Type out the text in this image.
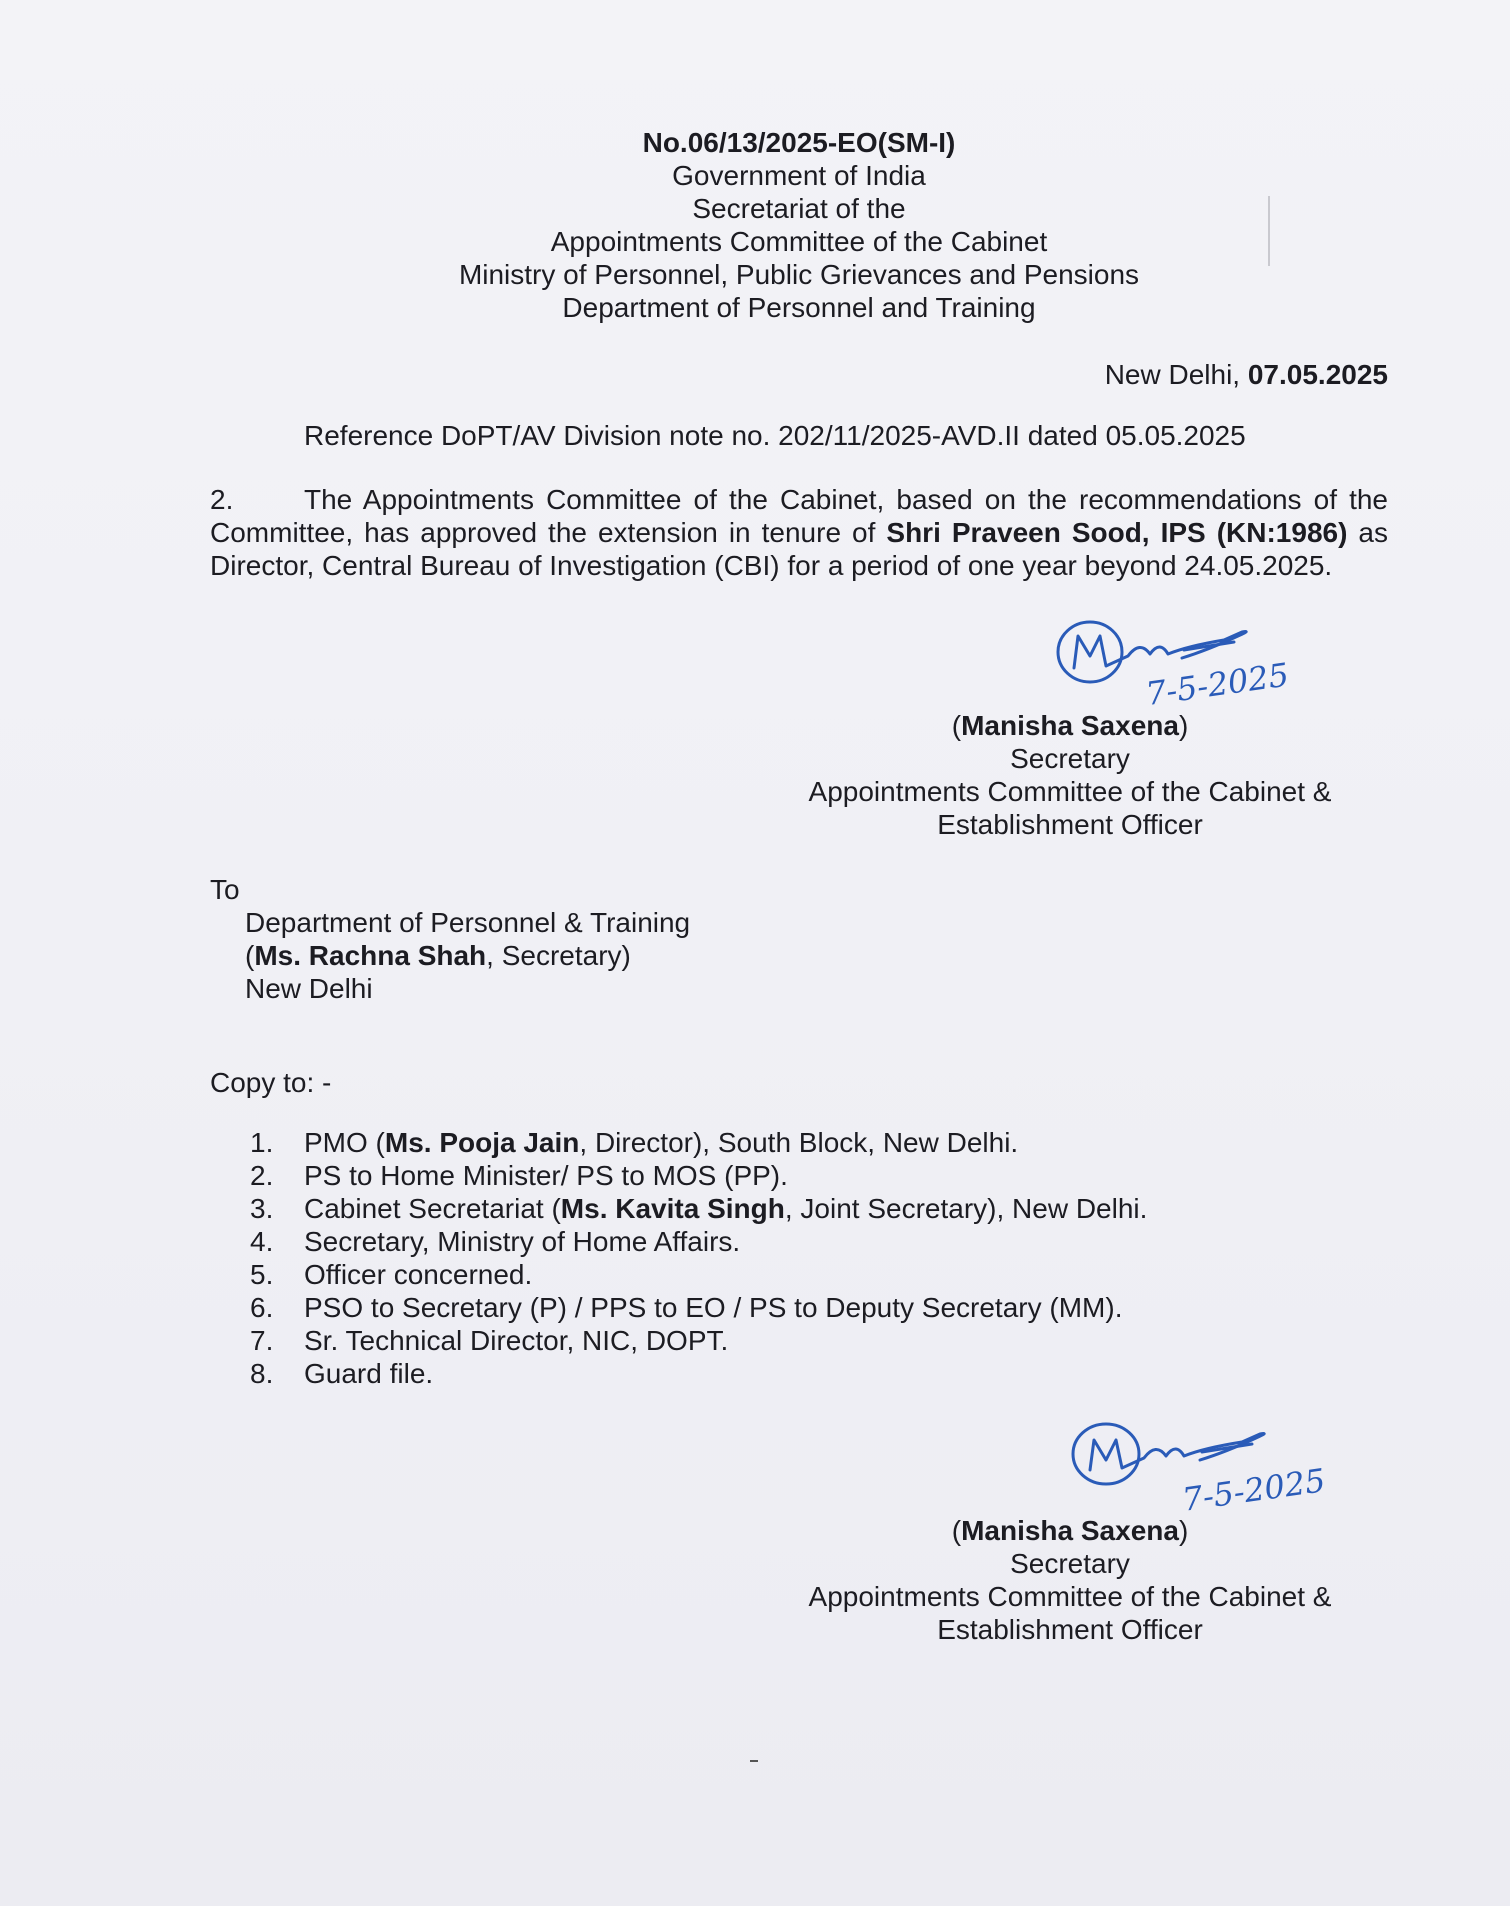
No.06/13/2025-EO(SM-I)
Government of India
Secretariat of the
Appointments Committee of the Cabinet
Ministry of Personnel, Public Grievances and Pensions
Department of Personnel and Training
New Delhi, 07.05.2025
Reference DoPT/AV Division note no. 202/11/2025-AVD.II dated 05.05.2025
2.	The Appointments Committee of the Cabinet, based on the recommendations of the Committee, has approved the extension in tenure of Shri Praveen Sood, IPS (KN:1986) as Director, Central Bureau of Investigation (CBI) for a period of one year beyond 24.05.2025.
7-5-2025
(Manisha Saxena)
Secretary
Appointments Committee of the Cabinet &
Establishment Officer
To
Department of Personnel & Training
(Ms. Rachna Shah, Secretary)
New Delhi
Copy to: -
1.	PMO (Ms. Pooja Jain, Director), South Block, New Delhi.
2.	PS to Home Minister/ PS to MOS (PP).
3.	Cabinet Secretariat (Ms. Kavita Singh, Joint Secretary), New Delhi.
4.	Secretary, Ministry of Home Affairs.
5.	Officer concerned.
6.	PSO to Secretary (P) / PPS to EO / PS to Deputy Secretary (MM).
7.	Sr. Technical Director, NIC, DOPT.
8.	Guard file.
7-5-2025
(Manisha Saxena)
Secretary
Appointments Committee of the Cabinet &
Establishment Officer
